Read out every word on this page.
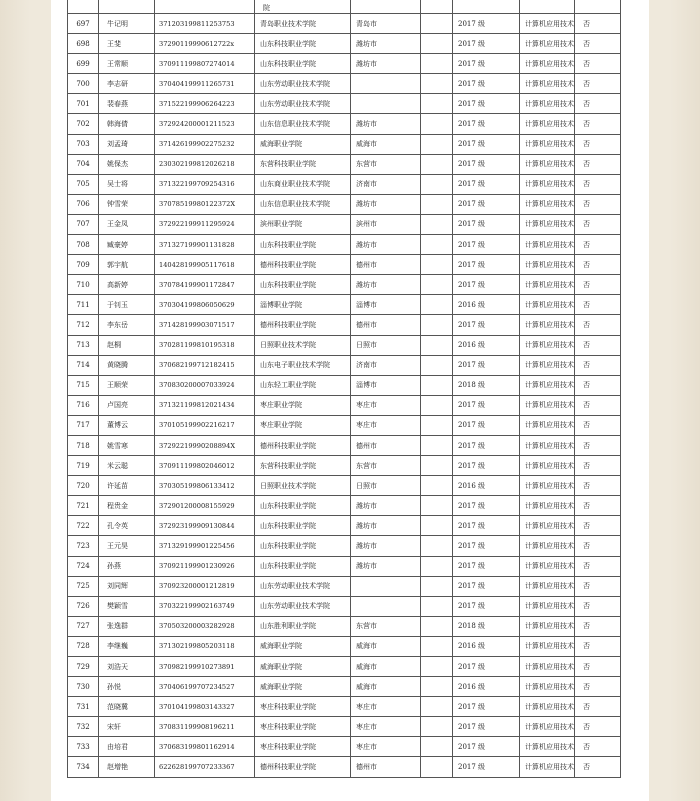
			院					
697	牛记明	371203199811253753	青岛职业技术学院	青岛市		2017 级	计算机应用技术	否
698	王斐	37290119990612722x	山东科技职业学院	潍坊市		2017 级	计算机应用技术	否
699	王常顺	370911199807274014	山东科技职业学院	潍坊市		2017 级	计算机应用技术	否
700	李志研	370404199911265731	山东劳动职业技术学院			2017 级	计算机应用技术	否
701	裴春燕	371522199906264223	山东劳动职业技术学院			2017 级	计算机应用技术	否
702	韩海倩	372924200001211523	山东信息职业技术学院	潍坊市		2017 级	计算机应用技术	否
703	刘孟琦	371426199902275232	威海职业学院	威海市		2017 级	计算机应用技术	否
704	姚保杰	230302199812026218	东营科技职业学院	东营市		2017 级	计算机应用技术	否
705	吴士将	371322199709254316	山东商业职业技术学院	济南市		2017 级	计算机应用技术	否
706	钟雪荣	37078519980122372X	山东信息职业技术学院	潍坊市		2017 级	计算机应用技术	否
707	王金凤	372922199911295924	滨州职业学院	滨州市		2017 级	计算机应用技术	否
708	臧豪婷	371327199901131828	山东科技职业学院	潍坊市		2017 级	计算机应用技术	否
709	郭宇航	140428199905117618	德州科技职业学院	德州市		2017 级	计算机应用技术	否
710	高新婷	370784199901172847	山东科技职业学院	潍坊市		2017 级	计算机应用技术	否
711	于钊玉	370304199806050629	淄博职业学院	淄博市		2016 级	计算机应用技术	否
712	李东岳	371428199903071517	德州科技职业学院	德州市		2017 级	计算机应用技术	否
713	赵桐	370281199810195318	日照职业技术学院	日照市		2016 级	计算机应用技术	否
714	黄晓腾	370682199712182415	山东电子职业技术学院	济南市		2017 级	计算机应用技术	否
715	王顺荣	370830200007033924	山东轻工职业学院	淄博市		2018 级	计算机应用技术	否
716	卢国亮	371321199812021434	枣庄职业学院	枣庄市		2017 级	计算机应用技术	否
717	董博云	370105199902216217	枣庄职业学院	枣庄市		2017 级	计算机应用技术	否
718	姚雪寒	37292219990208894X	德州科技职业学院	德州市		2017 级	计算机应用技术	否
719	米云聪	370911199802046012	东营科技职业学院	东营市		2017 级	计算机应用技术	否
720	许延苗	370305199806133412	日照职业技术学院	日照市		2016 级	计算机应用技术	否
721	程贵金	372901200008155929	山东科技职业学院	潍坊市		2017 级	计算机应用技术	否
722	孔令英	372923199909130844	山东科技职业学院	潍坊市		2017 级	计算机应用技术	否
723	王元昊	371329199901225456	山东科技职业学院	潍坊市		2017 级	计算机应用技术	否
724	孙燕	370921199901230926	山东科技职业学院	潍坊市		2017 级	计算机应用技术	否
725	刘同辉	370923200001212819	山东劳动职业技术学院			2017 级	计算机应用技术	否
726	樊颖雪	370322199902163749	山东劳动职业技术学院			2017 级	计算机应用技术	否
727	张逸群	370503200003282928	山东胜利职业学院	东营市		2018 级	计算机应用技术	否
728	李继巍	371302199805203118	威海职业学院	威海市		2016 级	计算机应用技术	否
729	刘浩天	370982199910273891	威海职业学院	威海市		2017 级	计算机应用技术	否
730	孙悦	370406199707234527	威海职业学院	威海市		2016 级	计算机应用技术	否
731	范晓冀	370104199803143327	枣庄科技职业学院	枣庄市		2017 级	计算机应用技术	否
732	宋轩	370831199908196211	枣庄科技职业学院	枣庄市		2017 级	计算机应用技术	否
733	由培君	370683199801162914	枣庄科技职业学院	枣庄市		2017 级	计算机应用技术	否
734	赵增艳	622628199707233367	德州科技职业学院	德州市		2017 级	计算机应用技术	否
